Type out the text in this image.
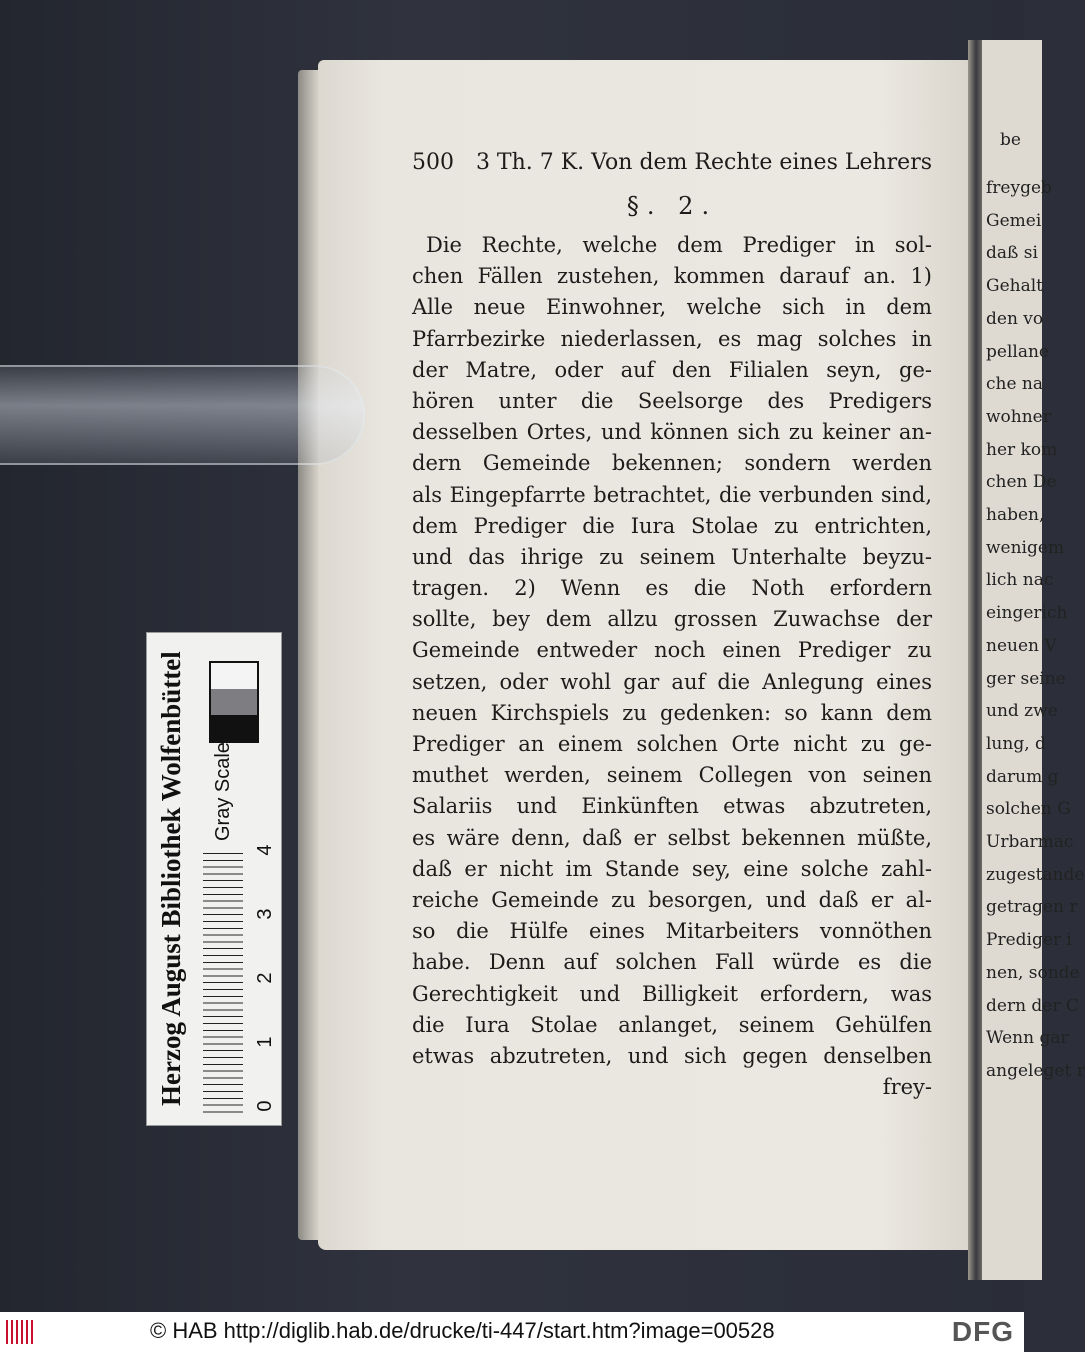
be
freygeb
Gemei
daß si
Gehalt
den vo
pellane
che na
wohner
her kom
chen De
haben,
wenigem
lich nac
eingerich
neuen V
ger seine
und zwe
lung, d
darum g
solchen G
Urbarmac
zugestande
getragen r
Prediger i
nen, sonde
dern der C
Wenn gar
angeleget r
500 3 Th. 7 K. Von dem Rechte eines Lehrers
§. 2.
Die Rechte, welche dem Prediger in sol-
chen Fällen zustehen, kommen darauf an. 1)
Alle neue Einwohner, welche sich in dem
Pfarrbezirke niederlassen, es mag solches in
der Matre, oder auf den Filialen seyn, ge-
hören unter die Seelsorge des Predigers
desselben Ortes, und können sich zu keiner an-
dern Gemeinde bekennen; sondern werden
als Eingepfarrte betrachtet, die verbunden sind,
dem Prediger die Iura Stolae zu entrichten,
und das ihrige zu seinem Unterhalte beyzu-
tragen. 2) Wenn es die Noth erfordern
sollte, bey dem allzu grossen Zuwachse der
Gemeinde entweder noch einen Prediger zu
setzen, oder wohl gar auf die Anlegung eines
neuen Kirchspiels zu gedenken: so kann dem
Prediger an einem solchen Orte nicht zu ge-
muthet werden, seinem Collegen von seinen
Salariis und Einkünften etwas abzutreten,
es wäre denn, daß er selbst bekennen müßte,
daß er nicht im Stande sey, eine solche zahl-
reiche Gemeinde zu besorgen, und daß er al-
so die Hülfe eines Mitarbeiters vonnöthen
habe. Denn auf solchen Fall würde es die
Gerechtigkeit und Billigkeit erfordern, was
die Iura Stolae anlanget, seinem Gehülfen
etwas abzutreten, und sich gegen denselben
frey-
Herzog August Bibliothek Wolfenbüttel	Gray Scale
0
1
2
3
4
© HAB http://diglib.hab.de/drucke/ti-447/start.htm?image=00528	DFG
